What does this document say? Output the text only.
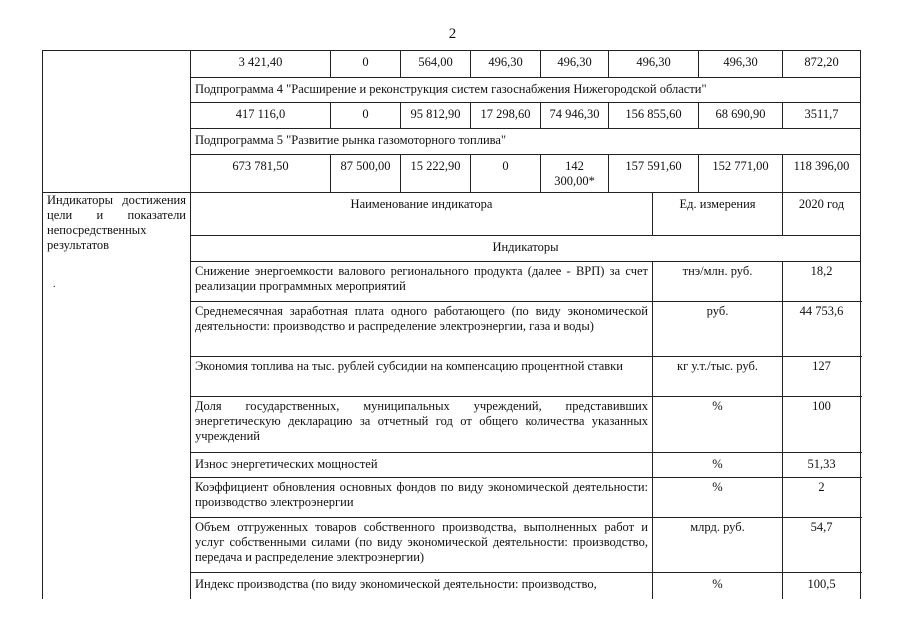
2
	3 421,40	0	564,00	496,30	496,30	496,30		496,30	872,20
	Подпрограмма 4 "Расширение и реконструкция систем газоснабжения Нижегородской области"								
	417 116,0	0	95 812,90	17 298,60	74 946,30	156 855,60		68 690,90	3511,7
	Подпрограмма 5 "Развитие рынка газомоторного топлива"								
	673 781,50	87 500,00	15 222,90	0	142 300,00*	157 591,60		152 771,00	118 396,00

Индикаторы достижения цели и показатели непосредственных результатов
.	Наименование индикатора						Ед. измерения		2020 год
	Индикаторы								
	Снижение энергоемкости валового регионального продукта (далее - ВРП) за счет реализации программных мероприятий						тнэ/млн. руб.		18,2
	Среднемесячная заработная плата одного работающего (по виду экономической деятельности: производство и распределение электроэнергии, газа и воды)						руб.		44 753,6
	Экономия топлива на тыс. рублей субсидии на компенсацию процентной ставки						кг у.т./тыс. руб.		127
	Доля государственных, муниципальных учреждений, представивших энергетическую декларацию за отчетный год от общего количества указанных учреждений						%		100
	Износ энергетических мощностей						%		51,33
	Коэффициент обновления основных фондов по виду экономической деятельности: производство электроэнергии						%		2
	Объем отгруженных товаров собственного производства, выполненных работ и услуг собственными силами (по виду экономической деятельности: производство, передача и распределение электроэнергии)						млрд. руб.		54,7
	Индекс производства (по виду экономической деятельности: производство,						%		100,5
